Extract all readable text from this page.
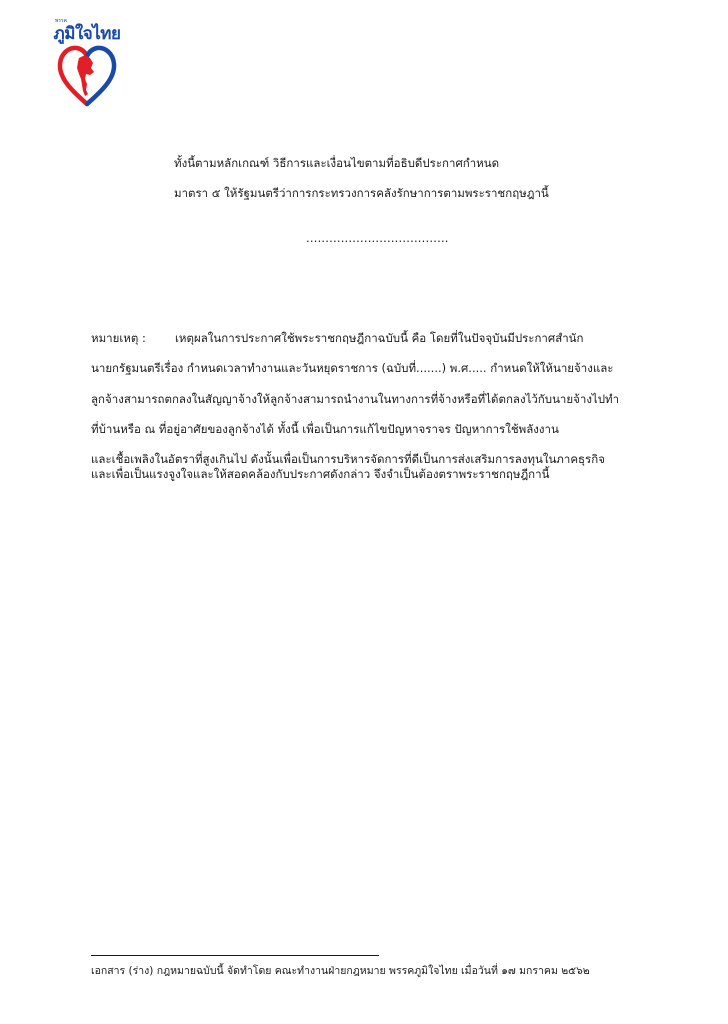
พรรค
ภูมิใจไทย
ทั้งนี้ตามหลักเกณฑ์ วิธีการและเงื่อนไขตามที่อธิบดีประกาศกำหนด
มาตรา ๕ ให้รัฐมนตรีว่าการกระทรวงการคลังรักษาการตามพระราชกฤษฎานี้
.....................................
หมายเหตุ :	เหตุผลในการประกาศใช้พระราชกฤษฎีกาฉบับนี้ คือ โดยที่ในปัจจุบันมีประกาศสำนัก
นายกรัฐมนตรีเรื่อง กำหนดเวลาทำงานและวันหยุดราชการ (ฉบับที่.......) พ.ศ..... กำหนดให้ให้นายจ้างและ
ลูกจ้างสามารถตกลงในสัญญาจ้างให้ลูกจ้างสามารถนำงานในทางการที่จ้างหรือที่ได้ตกลงไว้กับนายจ้างไปทำ
ที่บ้านหรือ ณ ที่อยู่อาศัยของลูกจ้างได้ ทั้งนี้ เพื่อเป็นการแก้ไขปัญหาจราจร ปัญหาการใช้พลังงาน
และเชื้อเพลิงในอัตราที่สูงเกินไป ดังนั้นเพื่อเป็นการบริหารจัดการที่ดีเป็นการส่งเสริมการลงทุนในภาคธุรกิจ
และเพื่อเป็นแรงจูงใจและให้สอดคล้องกับประกาศดังกล่าว จึงจำเป็นต้องตราพระราชกฤษฎีกานี้
เอกสาร (ร่าง) กฎหมายฉบับนี้ จัดทำโดย คณะทำงานฝ่ายกฎหมาย พรรคภูมิใจไทย เมื่อวันที่ ๑๗ มกราคม ๒๕๖๒
